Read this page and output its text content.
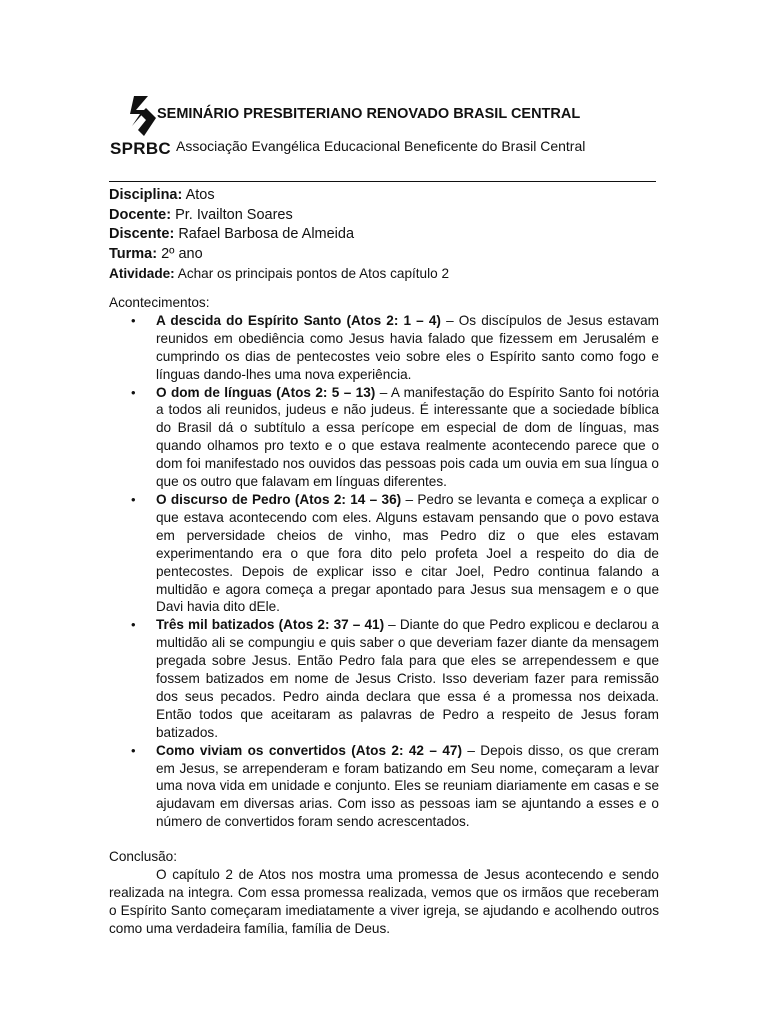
SPRBC
SEMINÁRIO PRESBITERIANO RENOVADO BRASIL CENTRAL
Associação Evangélica Educacional Beneficente do Brasil Central
Disciplina: Atos
Docente: Pr. Ivailton Soares
Discente: Rafael Barbosa de Almeida
Turma: 2º ano
Atividade: Achar os principais pontos de Atos capítulo 2

Acontecimentos:

• A descida do Espírito Santo (Atos 2: 1 – 4) – Os discípulos de Jesus estavam reunidos em obediência como Jesus havia falado que fizessem em Jerusalém e cumprindo os dias de pentecostes veio sobre eles o Espírito santo como fogo e línguas dando-lhes uma nova experiência.
• O dom de línguas (Atos 2: 5 – 13) – A manifestação do Espírito Santo foi notória a todos ali reunidos, judeus e não judeus. É interessante que a sociedade bíblica do Brasil dá o subtítulo a essa perícope em especial de dom de línguas, mas quando olhamos pro texto e o que estava realmente acontecendo parece que o dom foi manifestado nos ouvidos das pessoas pois cada um ouvia em sua língua o que os outro que falavam em línguas diferentes.
• O discurso de Pedro (Atos 2: 14 – 36) – Pedro se levanta e começa a explicar o que estava acontecendo com eles. Alguns estavam pensando que o povo estava em perversidade cheios de vinho, mas Pedro diz o que eles estavam experimentando era o que fora dito pelo profeta Joel a respeito do dia de pentecostes. Depois de explicar isso e citar Joel, Pedro continua falando a multidão e agora começa a pregar apontado para Jesus sua mensagem e o que Davi havia dito dEle.
• Três mil batizados (Atos 2: 37 – 41) – Diante do que Pedro explicou e declarou a multidão ali se compungiu e quis saber o que deveriam fazer diante da mensagem pregada sobre Jesus. Então Pedro fala para que eles se arrependessem e que fossem batizados em nome de Jesus Cristo. Isso deveriam fazer para remissão dos seus pecados. Pedro ainda declara que essa é a promessa nos deixada. Então todos que aceitaram as palavras de Pedro a respeito de Jesus foram batizados.
• Como viviam os convertidos (Atos 2: 42 – 47) – Depois disso, os que creram em Jesus, se arrependeram e foram batizando em Seu nome, começaram a levar uma nova vida em unidade e conjunto. Eles se reuniam diariamente em casas e se ajudavam em diversas arias. Com isso as pessoas iam se ajuntando a esses e o número de convertidos foram sendo acrescentados.

Conclusão:

O capítulo 2 de Atos nos mostra uma promessa de Jesus acontecendo e sendo realizada na integra. Com essa promessa realizada, vemos que os irmãos que receberam o Espírito Santo começaram imediatamente a viver igreja, se ajudando e acolhendo outros como uma verdadeira família, família de Deus.
